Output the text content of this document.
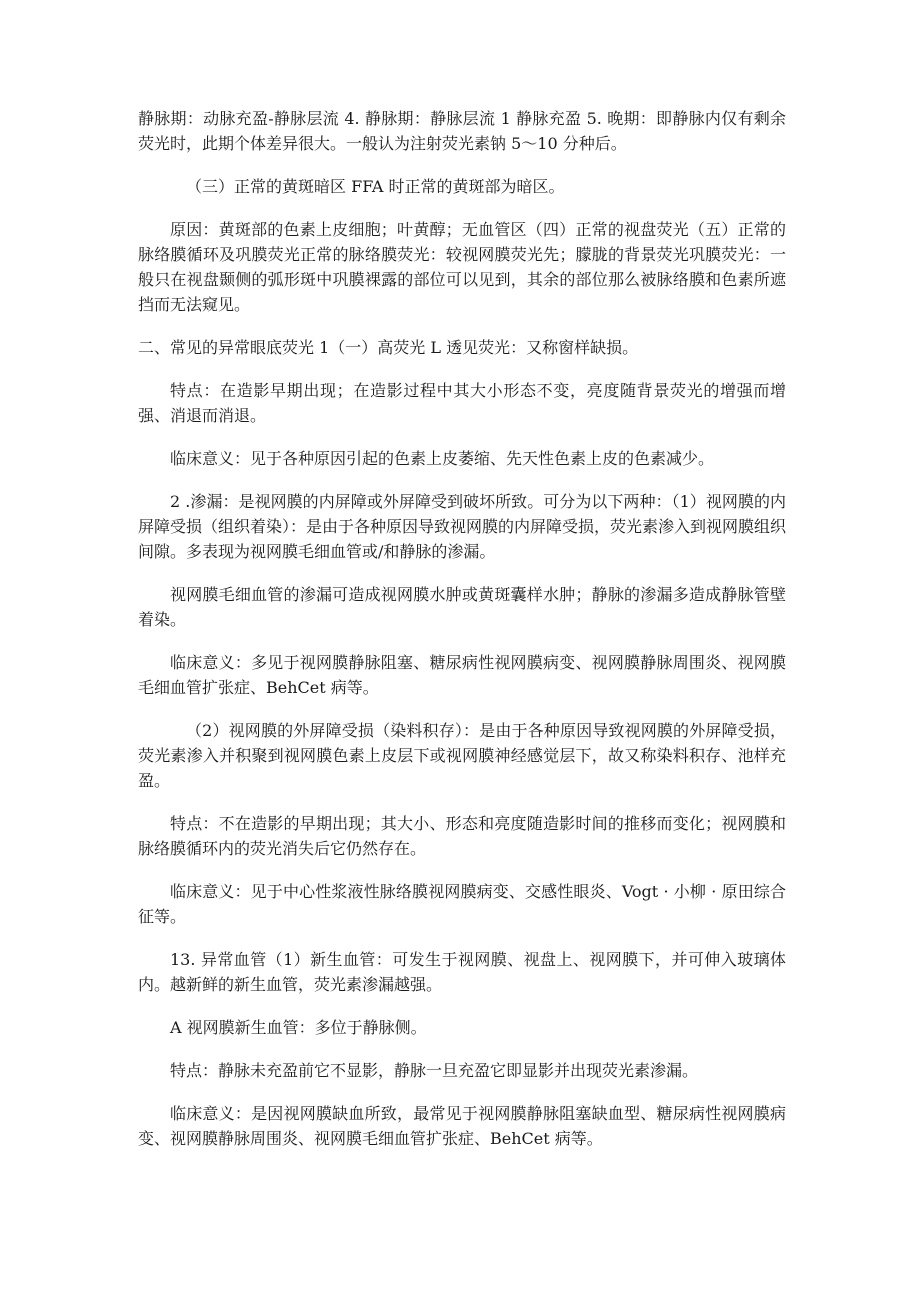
静脉期：动脉充盈-静脉层流 4. 静脉期：静脉层流 1 静脉充盈 5. 晚期：即静脉内仅有剩余荧光时，此期个体差异很大。一般认为注射荧光素钠 5～10 分种后。

（三）正常的黄斑暗区 FFA 时正常的黄斑部为暗区。

原因：黄斑部的色素上皮细胞；叶黄醇；无血管区（四）正常的视盘荧光（五）正常的脉络膜循环及巩膜荧光正常的脉络膜荧光：较视网膜荧光先；朦胧的背景荧光巩膜荧光：一般只在视盘颞侧的弧形斑中巩膜裸露的部位可以见到，其余的部位那么被脉络膜和色素所遮挡而无法窥见。

二、常见的异常眼底荧光 1（一）高荧光 L 透见荧光：又称窗样缺损。

特点：在造影早期出现；在造影过程中其大小形态不变，亮度随背景荧光的增强而增强、消退而消退。

临床意义：见于各种原因引起的色素上皮萎缩、先天性色素上皮的色素减少。

2 .渗漏：是视网膜的内屏障或外屏障受到破坏所致。可分为以下两种：（1）视网膜的内屏障受损（组织着染）：是由于各种原因导致视网膜的内屏障受损，荧光素渗入到视网膜组织间隙。多表现为视网膜毛细血管或/和静脉的渗漏。

视网膜毛细血管的渗漏可造成视网膜水肿或黄斑囊样水肿；静脉的渗漏多造成静脉管壁着染。

临床意义：多见于视网膜静脉阻塞、糖尿病性视网膜病变、视网膜静脉周围炎、视网膜毛细血管扩张症、BehCet 病等。

（2）视网膜的外屏障受损（染料积存）：是由于各种原因导致视网膜的外屏障受损，荧光素渗入并积聚到视网膜色素上皮层下或视网膜神经感觉层下，故又称染料积存、池样充盈。

特点：不在造影的早期出现；其大小、形态和亮度随造影时间的推移而变化；视网膜和脉络膜循环内的荧光消失后它仍然存在。

临床意义：见于中心性浆液性脉络膜视网膜病变、交感性眼炎、Vogt · 小柳 · 原田综合征等。

13. 异常血管（1）新生血管：可发生于视网膜、视盘上、视网膜下，并可伸入玻璃体内。越新鲜的新生血管，荧光素渗漏越强。

A 视网膜新生血管：多位于静脉侧。

特点：静脉未充盈前它不显影，静脉一旦充盈它即显影并出现荧光素渗漏。

临床意义：是因视网膜缺血所致，最常见于视网膜静脉阻塞缺血型、糖尿病性视网膜病变、视网膜静脉周围炎、视网膜毛细血管扩张症、BehCet 病等。
